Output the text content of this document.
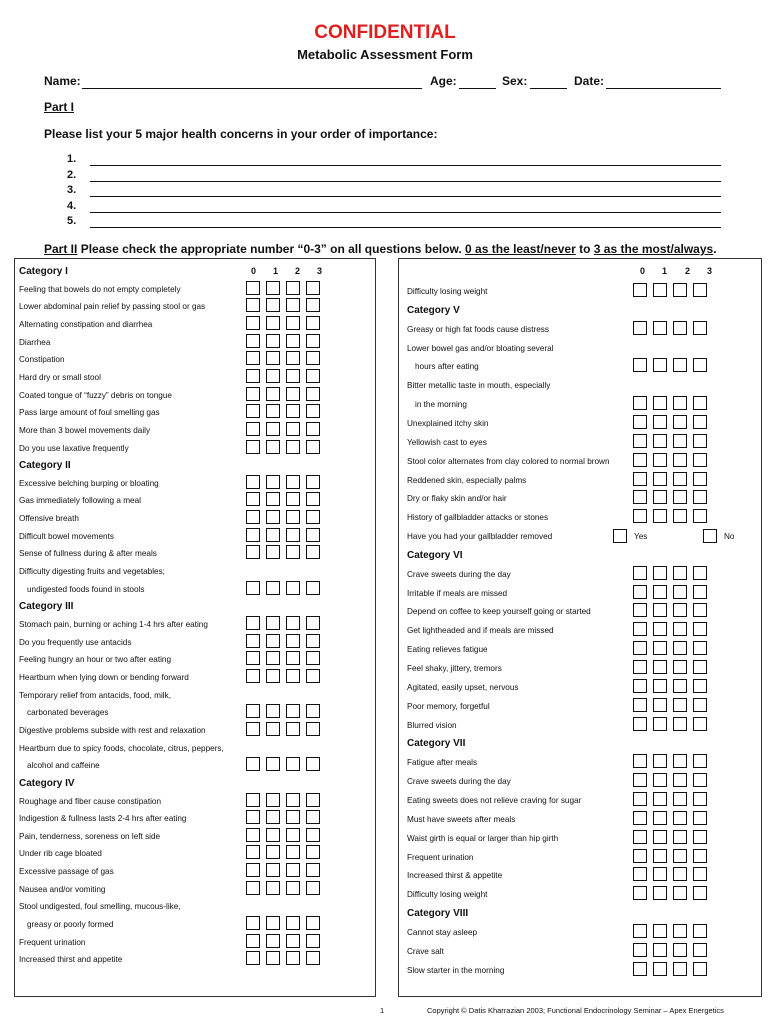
CONFIDENTIAL
Metabolic Assessment Form
Name:	Age:	Sex:	Date:
Part I
Please list your 5 major health concerns in your order of importance:
1.
2.
3.
4.
5.
Part II Please check the appropriate number “0-3” on all questions below. 0 as the least/never to 3 as the most/always.
0 1 2 3	0 1 2 3
Category I
Feeling that bowels do not empty completely
Lower abdominal pain relief by passing stool or gas
Alternating constipation and diarrhea
Diarrhea
Constipation
Hard dry or small stool
Coated tongue of “fuzzy” debris on tongue
Pass large amount of foul smelling gas
More than 3 bowel movements daily
Do you use laxative frequently
Category II
Excessive belching burping or bloating
Gas immediately following a meal
Offensive breath
Difficult bowel movements
Sense of fullness during & after meals
Difficulty digesting fruits and vegetables;
undigested foods found in stools
Category III
Stomach pain, burning or aching 1-4 hrs after eating
Do you frequently use antacids
Feeling hungry an hour or two after eating
Heartburn when lying down or bending forward
Temporary relief from antacids, food, milk,
carbonated beverages
Digestive problems subside with rest and relaxation
Heartburn due to spicy foods, chocolate, citrus, peppers,
alcohol and caffeine
Category IV
Roughage and fiber cause constipation
Indigestion & fullness lasts 2-4 hrs after eating
Pain, tenderness, soreness on left side
Under rib cage bloated
Excessive passage of gas
Nausea and/or vomiting
Stool undigested, foul smelling, mucous-like,
greasy or poorly formed
Frequent urination
Increased thirst and appetite
Difficulty losing weight
Category V
Greasy or high fat foods cause distress
Lower bowel gas and/or bloating several
hours after eating
Bitter metallic taste in mouth, especially
in the morning
Unexplained itchy skin
Yellowish cast to eyes
Stool color alternates from clay colored to normal brown
Reddened skin, especially palms
Dry or flaky skin and/or hair
History of gallbladder attacks or stones
Have you had your gallbladder removed	Yes	No
Category VI
Crave sweets during the day
Irritable if meals are missed
Depend on coffee to keep yourself going or started
Get lightheaded and if meals are missed
Eating relieves fatigue
Feel shaky, jittery, tremors
Agitated, easily upset, nervous
Poor memory, forgetful
Blurred vision
Category VII
Fatigue after meals
Crave sweets during the day
Eating sweets does not relieve craving for sugar
Must have sweets after meals
Waist girth is equal or larger than hip girth
Frequent urination
Increased thirst & appetite
Difficulty losing weight
Category VIII
Cannot stay asleep
Crave salt
Slow starter in the morning
1	Copyright © Datis Kharrazian 2003; Functional Endocrinology Seminar – Apex Energetics
